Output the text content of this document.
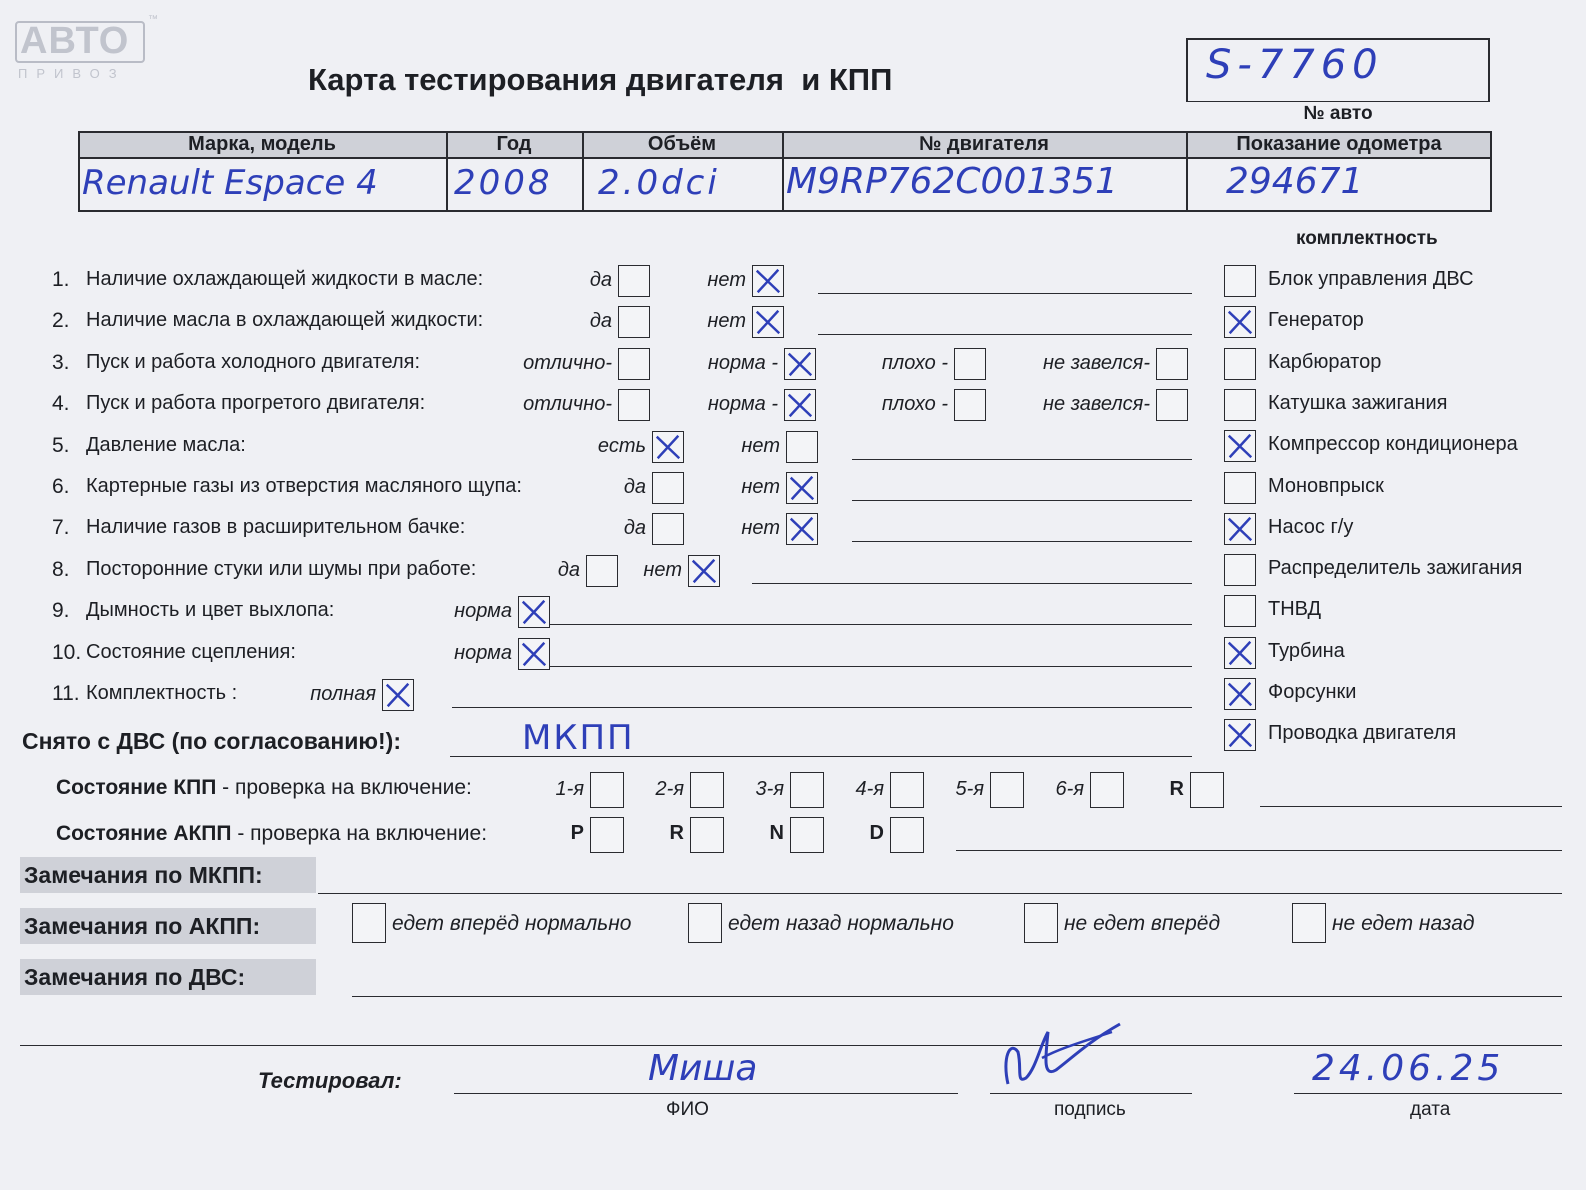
АВТО
ПРИВОЗ
™
Карта тестирования двигателя  и КПП	S-7760
№ авто
Марка, модель	Год	Объём	№ двигателя	Показание одометра
Renault Espace 4	2008 2.0dci M9RP762C001351	294671
комплектность
Снято с ДВС (по согласованию!):	МКПП
Состояние КПП - проверка на включение:
Состояние АКПП - проверка на включение:
Замечания по МКПП:
Замечания по АКПП:
Замечания по ДВС:
Тестировал:	Миша
ФИО	подпись
24.06.25
дата
Блок управления ДВС
Генератор
Карбюратор
Катушка зажигания
Компрессор кондиционера
Моновпрыск
Насос г/у
Распределитель зажигания
ТНВД
Турбина
Форсунки
Проводка двигателя
1. Наличие охлаждающей жидкости в масле:	да	нет
2. Наличие масла в охлаждающей жидкости:	да	нет
3. Пуск и работа холодного двигателя:	отлично-	норма -	плохо -	не завелся-
4. Пуск и работа прогретого двигателя:	отлично-	норма -	плохо -	не завелся-
5. Давление масла:	есть	нет
6. Картерные газы из отверстия масляного щупа:	да	нет
7. Наличие газов в расширительном бачке:	да	нет
8. Посторонние стуки или шумы при работе:	да	нет
9. Дымность и цвет выхлопа:	норма
10. Состояние сцепления:	норма
11. Комплектность :	полная
1-я	2-я	3-я	4-я	5-я	6-я	R
P	R	N	D
едет вперёд нормально	едет назад нормально	не едет вперёд	не едет назад
